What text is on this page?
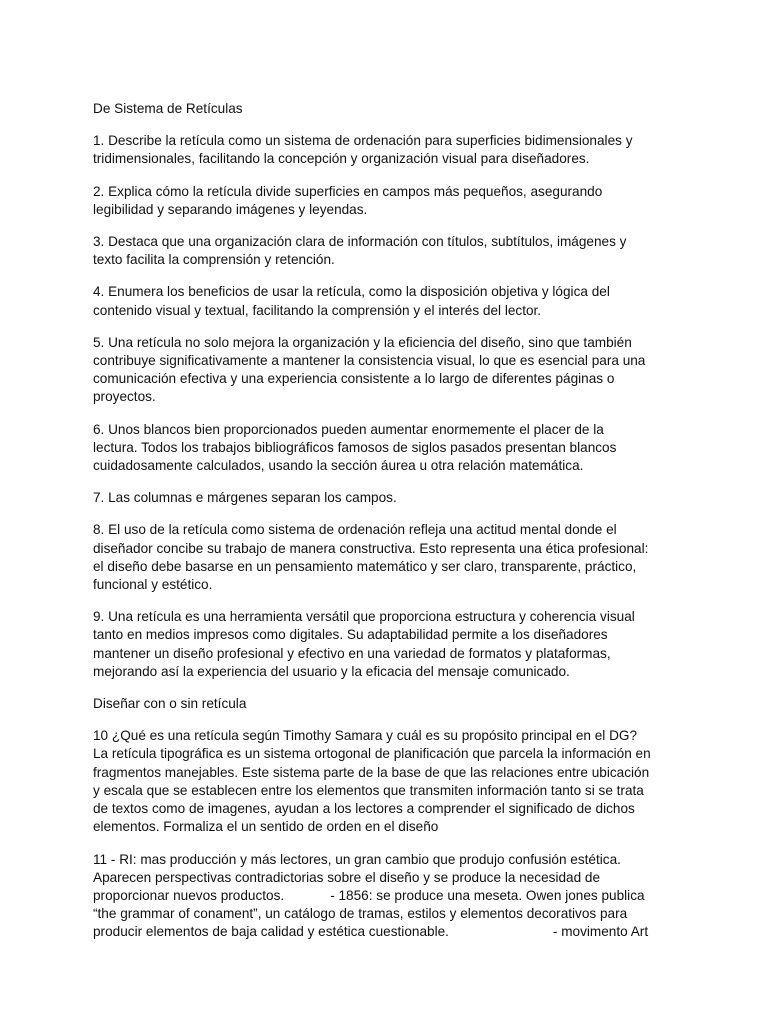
De Sistema de Retículas

1. Describe la retícula como un sistema de ordenación para superficies bidimensionales y
tridimensionales, facilitando la concepción y organización visual para diseñadores.

2. Explica cómo la retícula divide superficies en campos más pequeños, asegurando
legibilidad y separando imágenes y leyendas.

3. Destaca que una organización clara de información con títulos, subtítulos, imágenes y
texto facilita la comprensión y retención.

4. Enumera los beneficios de usar la retícula, como la disposición objetiva y lógica del
contenido visual y textual, facilitando la comprensión y el interés del lector.

5. Una retícula no solo mejora la organización y la eficiencia del diseño, sino que también
contribuye significativamente a mantener la consistencia visual, lo que es esencial para una
comunicación efectiva y una experiencia consistente a lo largo de diferentes páginas o
proyectos.

6. Unos blancos bien proporcionados pueden aumentar enormemente el placer de la
lectura. Todos los trabajos bibliográficos famosos de siglos pasados presentan blancos
cuidadosamente calculados, usando la sección áurea u otra relación matemática.

7. Las columnas e márgenes separan los campos.

8. El uso de la retícula como sistema de ordenación refleja una actitud mental donde el
diseñador concibe su trabajo de manera constructiva. Esto representa una ética profesional:
el diseño debe basarse en un pensamiento matemático y ser claro, transparente, práctico,
funcional y estético.

9. Una retícula es una herramienta versátil que proporciona estructura y coherencia visual
tanto en medios impresos como digitales. Su adaptabilidad permite a los diseñadores
mantener un diseño profesional y efectivo en una variedad de formatos y plataformas,
mejorando así la experiencia del usuario y la eficacia del mensaje comunicado.

Diseñar con o sin retícula

10 ¿Qué es una retícula según Timothy Samara y cuál es su propósito principal en el DG?
La retícula tipográfica es un sistema ortogonal de planificación que parcela la información en
fragmentos manejables. Este sistema parte de la base de que las relaciones entre ubicación
y escala que se establecen entre los elementos que transmiten información tanto si se trata
de textos como de imagenes, ayudan a los lectores a comprender el significado de dichos
elementos. Formaliza el un sentido de orden en el diseño

11 - RI: mas producción y más lectores, un gran cambio que produjo confusión estética.
Aparecen perspectivas contradictorias sobre el diseño y se produce la necesidad de
proporcionar nuevos productos.	- 1856: se produce una meseta. Owen jones publica
“the grammar of conament”, un catálogo de tramas, estilos y elementos decorativos para
producir elementos de baja calidad y estética cuestionable.	- movimento Art
